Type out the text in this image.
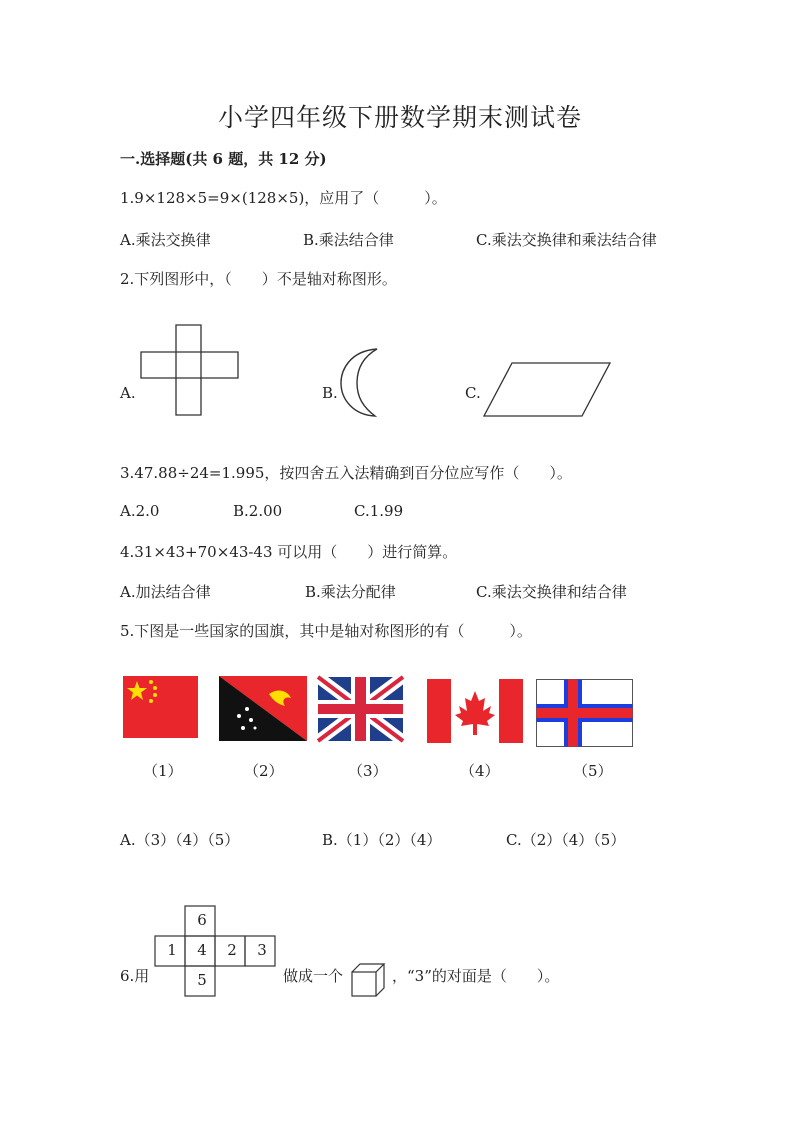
小学四年级下册数学期末测试卷
一.选择题(共 6 题，共 12 分)
1.9×128×5=9×(128×5)，应用了（　　　）。
A.乘法交换律	B.乘法结合律	C.乘法交换律和乘法结合律
2.下列图形中，（　　）不是轴对称图形。
A.	B.	C.
3.47.88÷24=1.995，按四舍五入法精确到百分位应写作（　　）。
A.2.0	B.2.00	C.1.99
4.31×43+70×43-43 可以用（　　）进行简算。
A.加法结合律	B.乘法分配律	C.乘法交换律和结合律
5.下图是一些国家的国旗，其中是轴对称图形的有（　　　）。
（1）	（2）	（3）	（4）	（5）
A.（3）（4）（5）	B.（1）（2）（4）	C.（2）（4）（5）
6.用
6
1	4	2	3
5	做成一个	，“3”的对面是（　　）。
